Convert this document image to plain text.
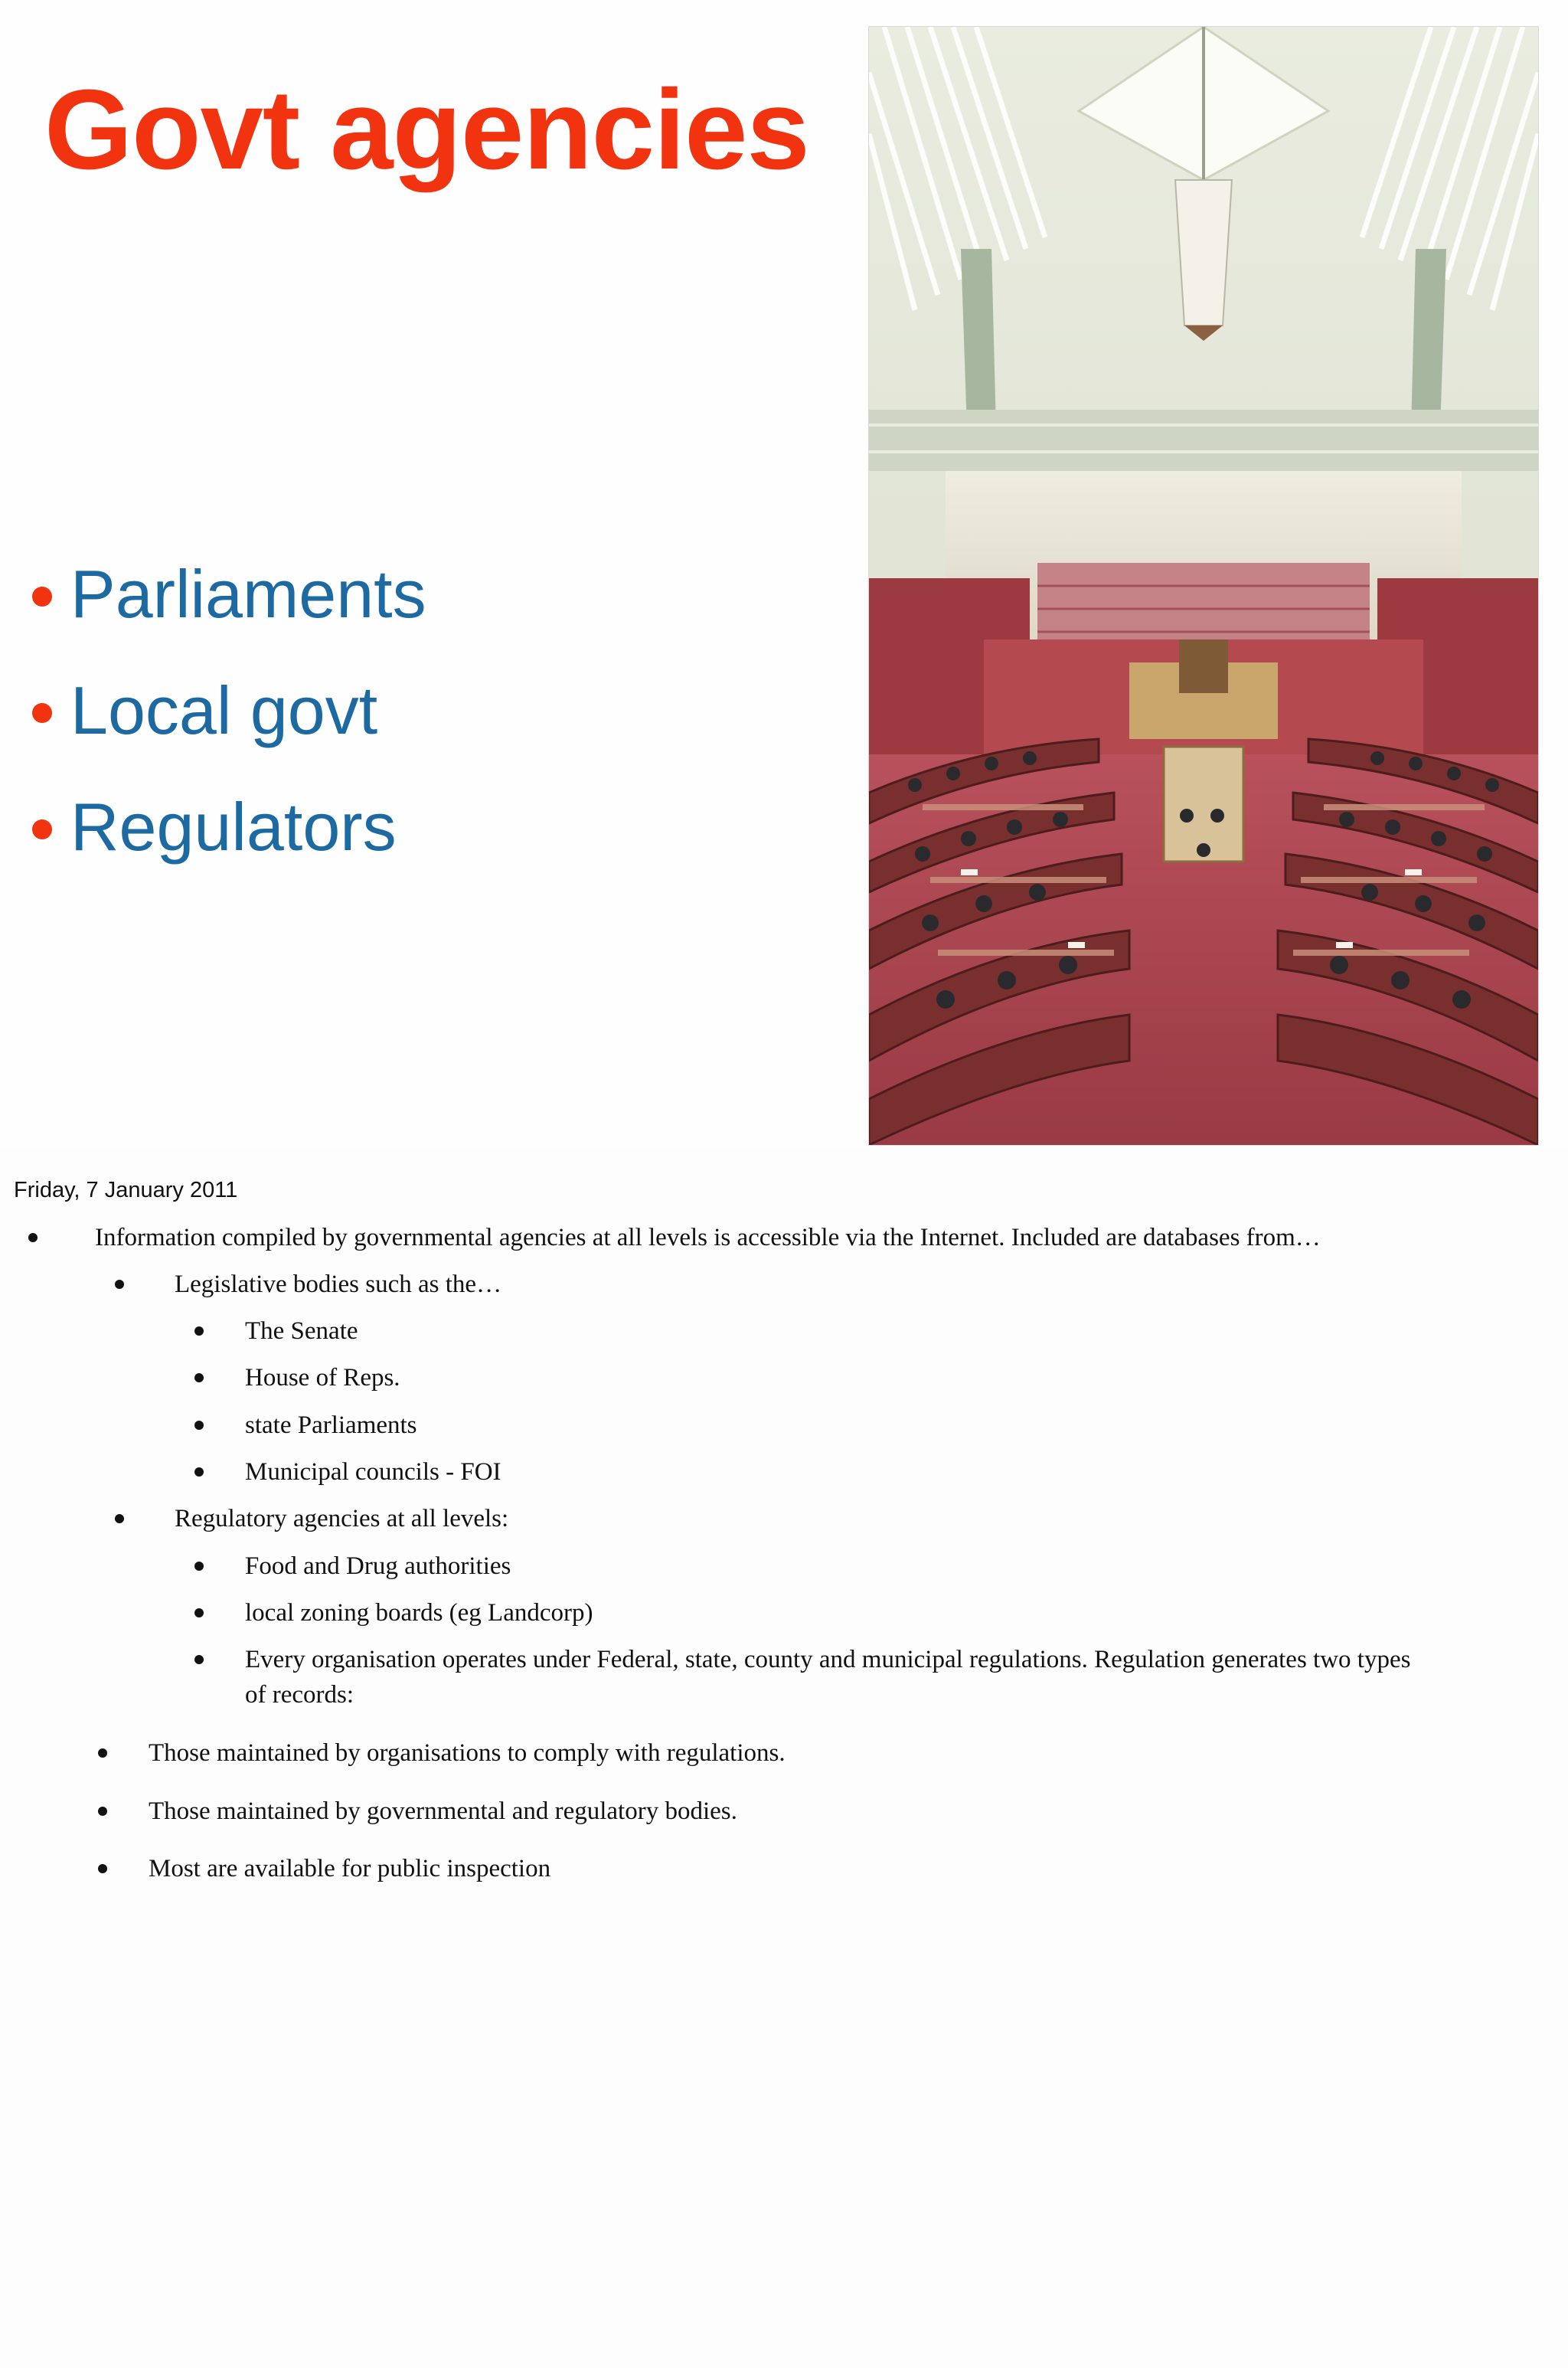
Govt agencies
Parliaments
Local govt
Regulators
Friday, 7 January 2011
Information compiled by governmental agencies at all levels is accessible via the Internet. Included are databases from…
Legislative bodies such as the…
The Senate
House of Reps.
state Parliaments
Municipal councils - FOI
Regulatory agencies at all levels:
Food and Drug authorities
local zoning boards (eg Landcorp)
Every organisation operates under Federal, state, county and municipal regulations. Regulation generates two types
of records:
Those maintained by organisations to comply with regulations.
Those maintained by governmental and regulatory bodies.
Most are available for public inspection
